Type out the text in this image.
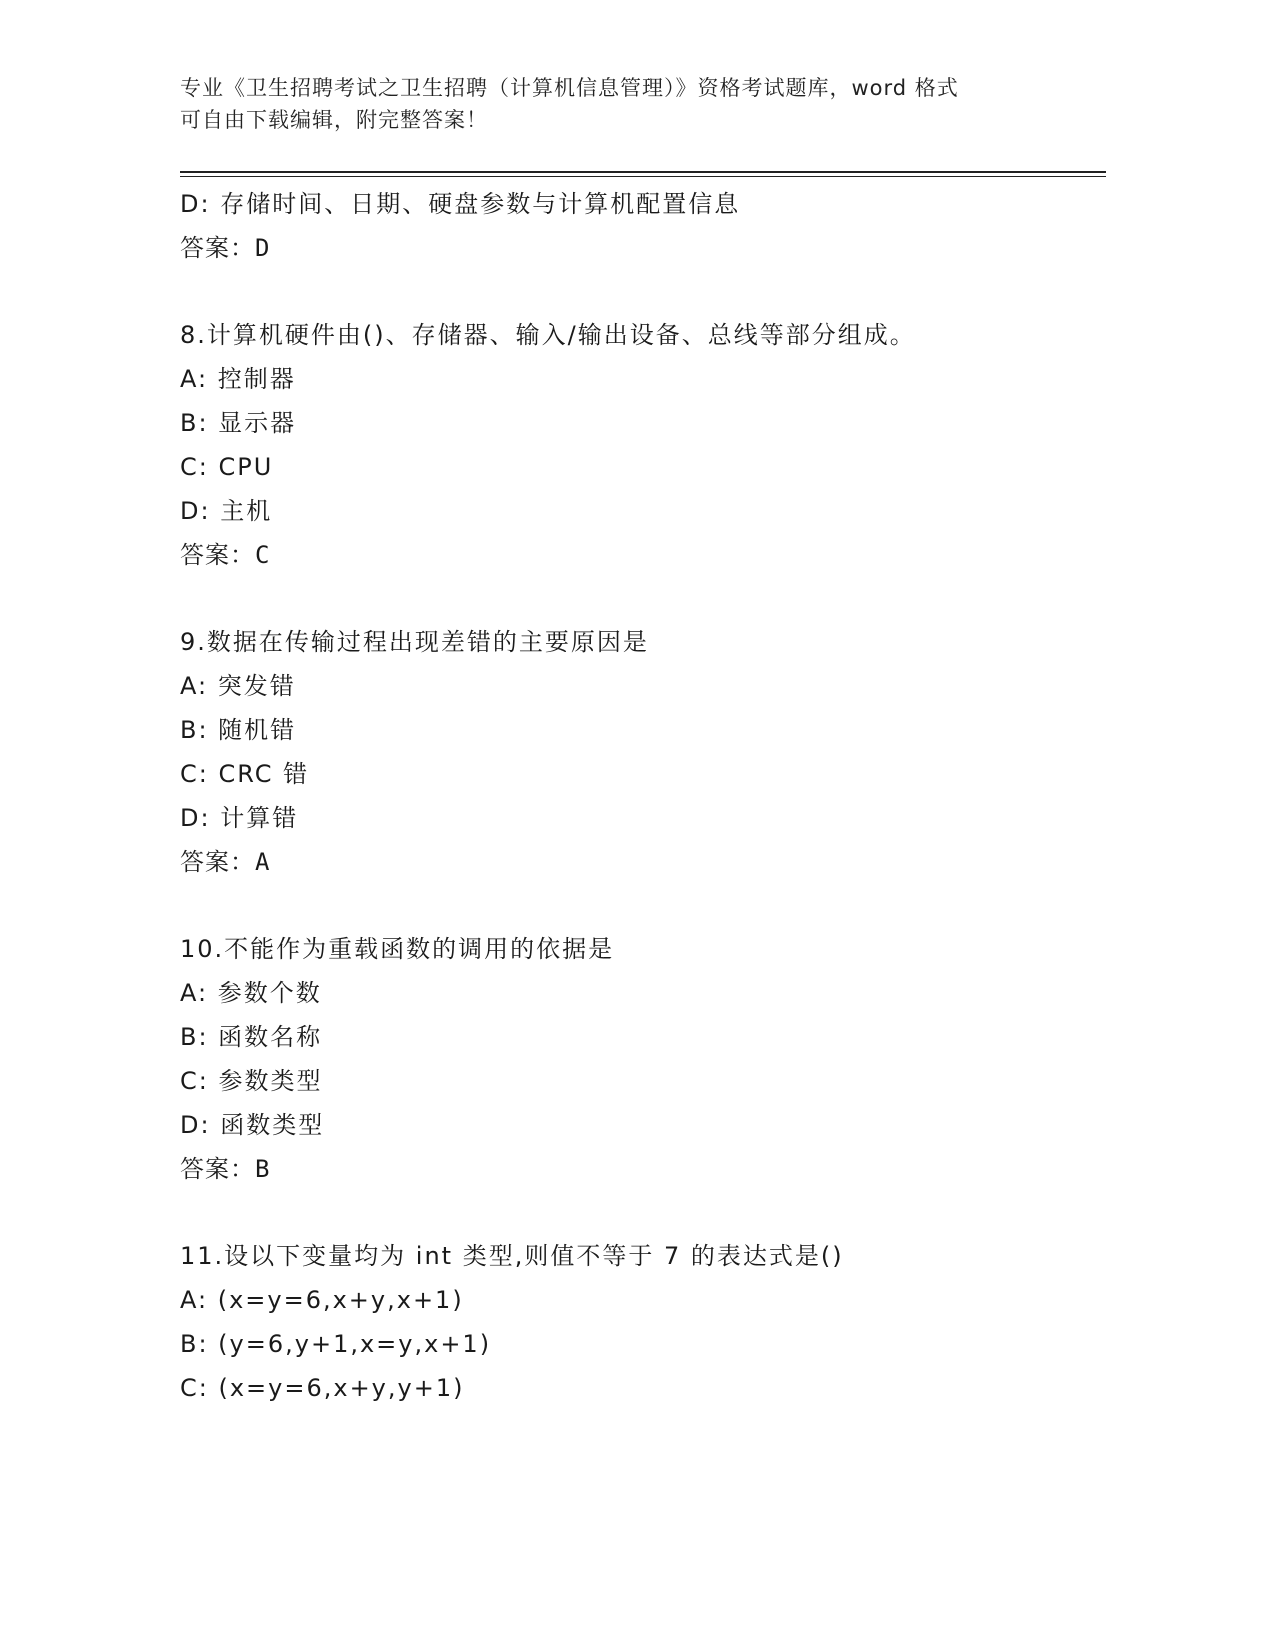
专业《卫生招聘考试之卫生招聘（计算机信息管理）》资格考试题库，word 格式
可自由下载编辑，附完整答案！
D: 存储时间、日期、硬盘参数与计算机配置信息
答案：D
8.计算机硬件由()、存储器、输入/输出设备、总线等部分组成。
A: 控制器
B: 显示器
C: CPU
D: 主机
答案：C
9.数据在传输过程出现差错的主要原因是
A: 突发错
B: 随机错
C: CRC 错
D: 计算错
答案：A
10.不能作为重载函数的调用的依据是
A: 参数个数
B: 函数名称
C: 参数类型
D: 函数类型
答案：B
11.设以下变量均为 int 类型,则值不等于 7 的表达式是()
A: (x=y=6,x+y,x+1)
B: (y=6,y+1,x=y,x+1)
C: (x=y=6,x+y,y+1)
